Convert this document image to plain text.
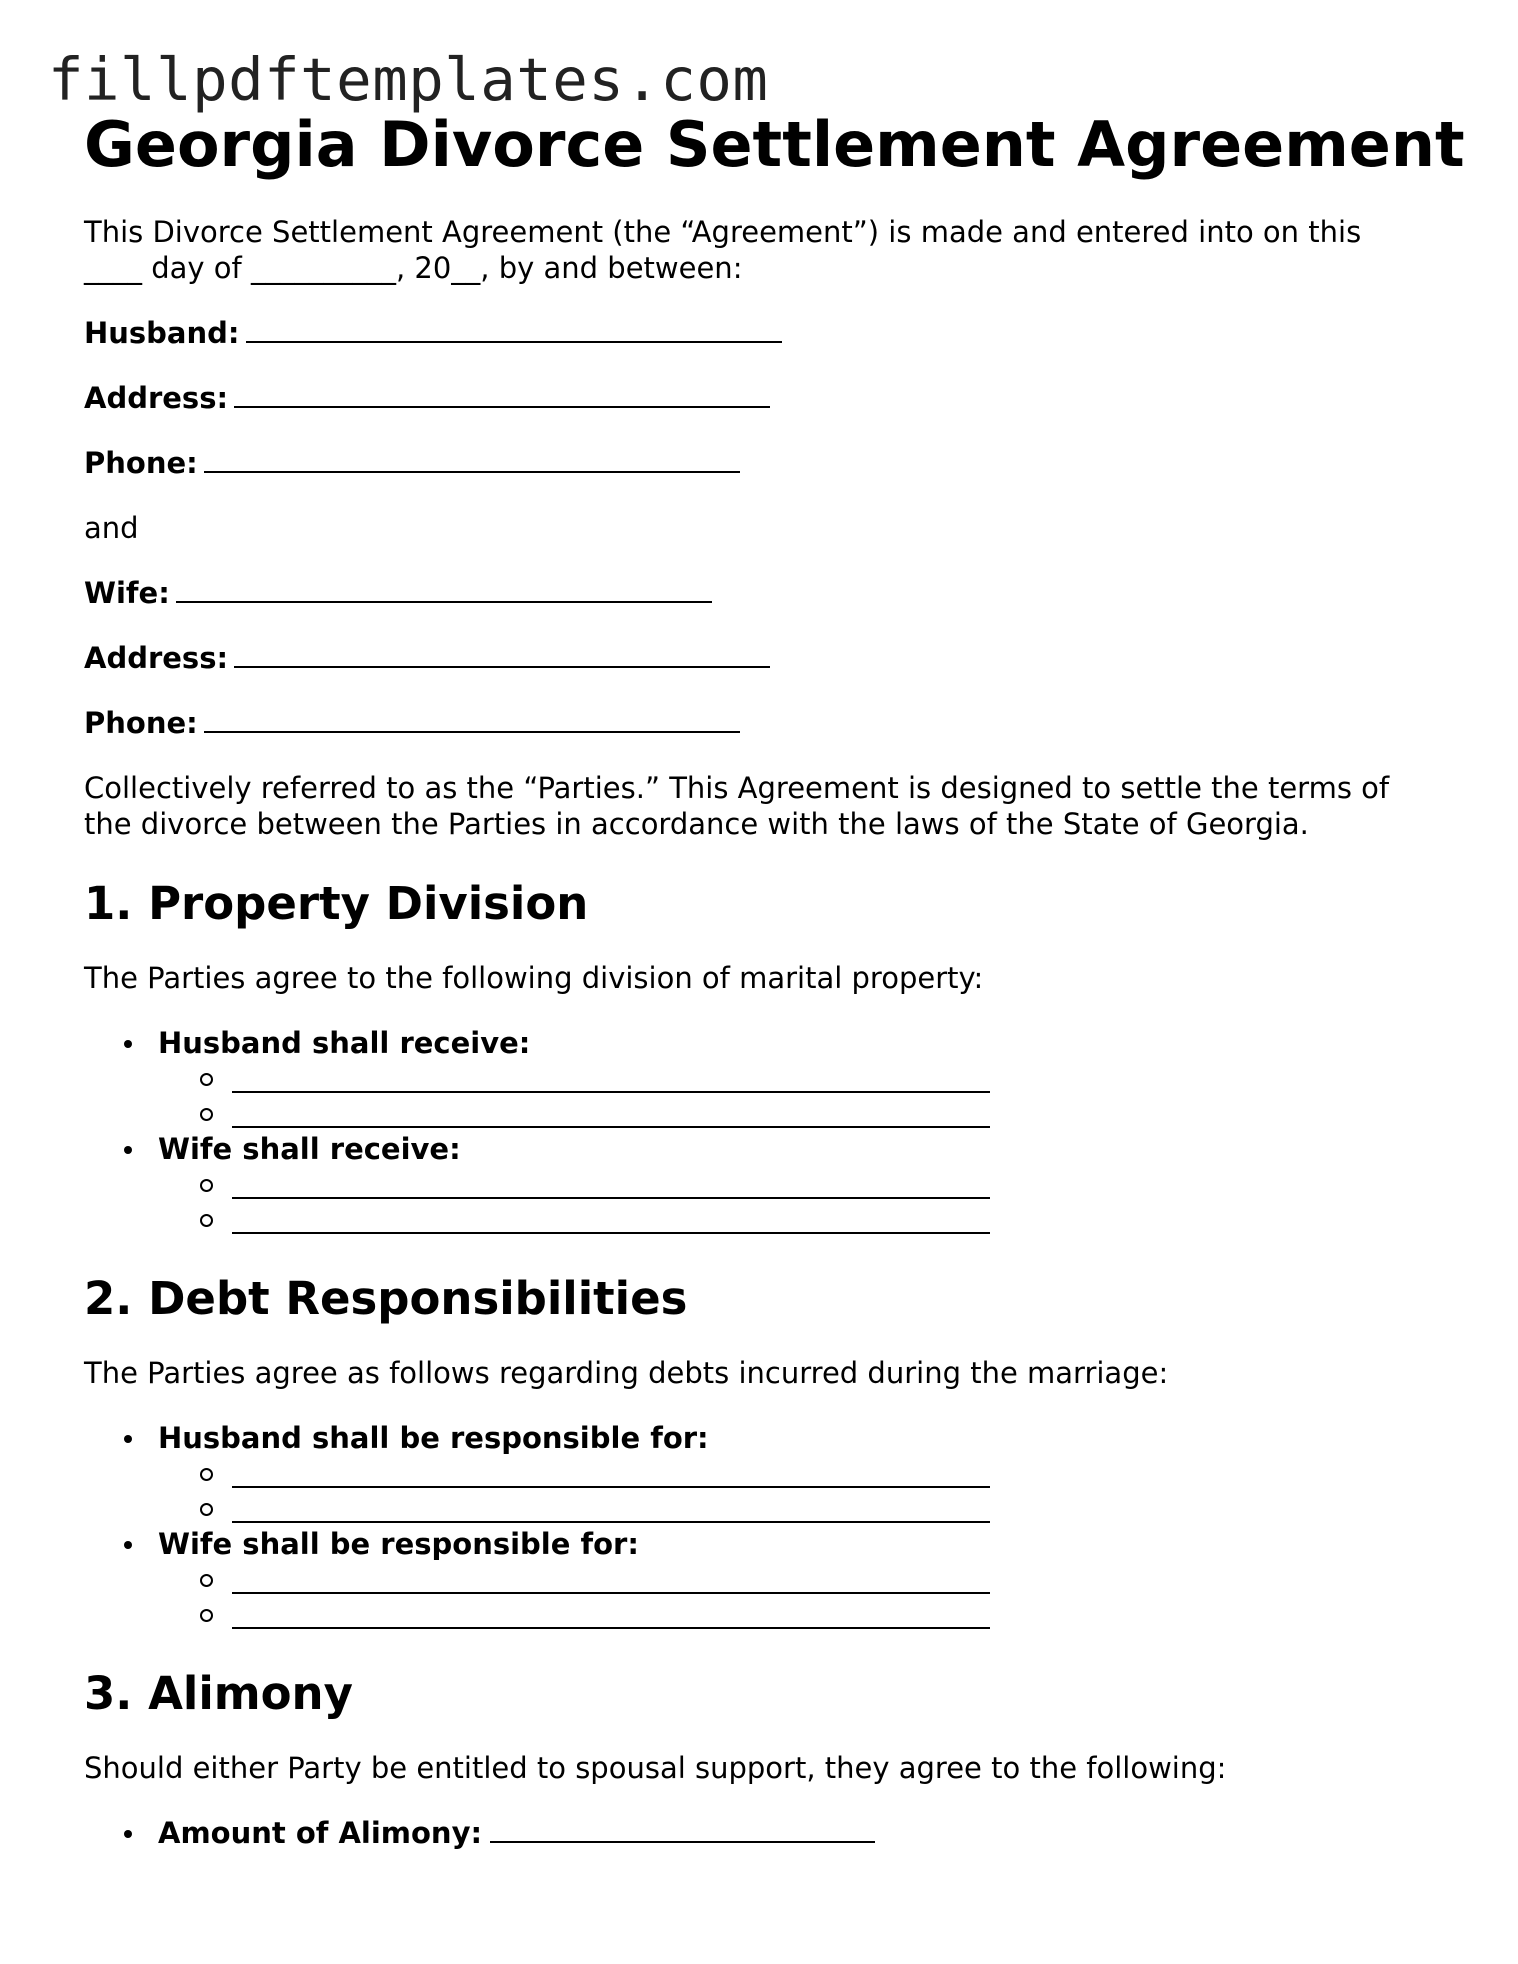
fillpdftemplates.com
Georgia Divorce Settlement Agreement

This Divorce Settlement Agreement (the “Agreement”) is made and entered into on this

____ day of __________, 20__, by and between:

Husband:
Address:
Phone:

and

Wife:
Address:
Phone:

Collectively referred to as the “Parties.” This Agreement is designed to settle the terms of

the divorce between the Parties in accordance with the laws of the State of Georgia.

1. Property Division

The Parties agree to the following division of marital property:

Husband shall receive:
Wife shall receive:
2. Debt Responsibilities

The Parties agree as follows regarding debts incurred during the marriage:

Husband shall be responsible for:
Wife shall be responsible for:
3. Alimony

Should either Party be entitled to spousal support, they agree to the following:

Amount of Alimony:
